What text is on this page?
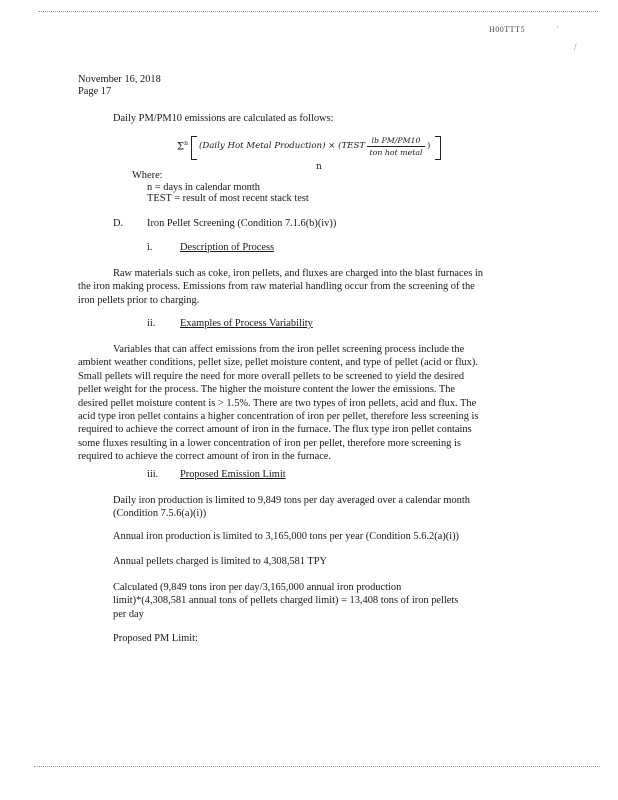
H00TTT5	·
/
November 16, 2018
Page 17
Daily PM/PM10 emissions are calculated as follows:
$\Sigma^n$ (Daily Hot Metal Production) × (TEST
lb PM/PM10
ton hot metal
)
n
Where:
n = days in calendar month
TEST = result of most recent stack test
D. Iron Pellet Screening (Condition 7.1.6(b)(iv))
i.	Description of Process
Raw materials such as coke, iron pellets, and fluxes are charged into the blast furnaces in
the iron making process. Emissions from raw material handling occur from the screening of the
iron pellets prior to charging.
ii. Examples of Process Variability
Variables that can affect emissions from the iron pellet screening process include the
ambient weather conditions, pellet size, pellet moisture content, and type of pellet (acid or flux).
Small pellets will require the need for more overall pellets to be screened to yield the desired
pellet weight for the process. The higher the moisture content the lower the emissions. The
desired pellet moisture content is > 1.5%. There are two types of iron pellets, acid and flux. The
acid type iron pellet contains a higher concentration of iron per pellet, therefore less screening is
required to achieve the correct amount of iron in the furnace. The flux type iron pellet contains
some fluxes resulting in a lower concentration of iron per pellet, therefore more screening is
required to achieve the correct amount of iron in the furnace.
iii. Proposed Emission Limit
Daily iron production is limited to 9,849 tons per day averaged over a calendar month
(Condition 7.5.6(a)(i))
Annual iron production is limited to 3,165,000 tons per year (Condition 5.6.2(a)(i))
Annual pellets charged is limited to 4,308,581 TPY
Calculated (9,849 tons iron per day/3,165,000 annual iron production
limit)*(4,308,581 annual tons of pellets charged limit) = 13,408 tons of iron pellets
per day
Proposed PM Limit:
